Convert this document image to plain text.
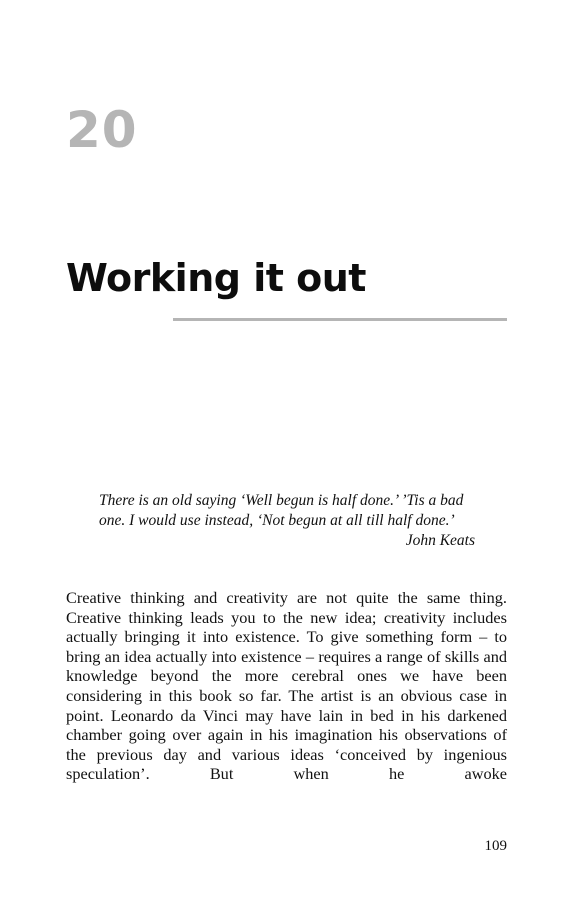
20
Working it out

There is an old saying ‘Well begun is half done.’ ’Tis a bad one. I would use instead, ‘Not begun at all till half done.’

John Keats

Creative thinking and creativity are not quite the same thing. Creative thinking leads you to the new idea; creativity includes actually bringing it into existence. To give something form – to bring an idea actually into existence – requires a range of skills and knowledge beyond the more cerebral ones we have been considering in this book so far. The artist is an obvious case in point. Leonardo da Vinci may have lain in bed in his darkened chamber going over again in his imagination his observations of the previous day and various ideas ‘conceived by ingenious speculation’. But when he awoke

109
